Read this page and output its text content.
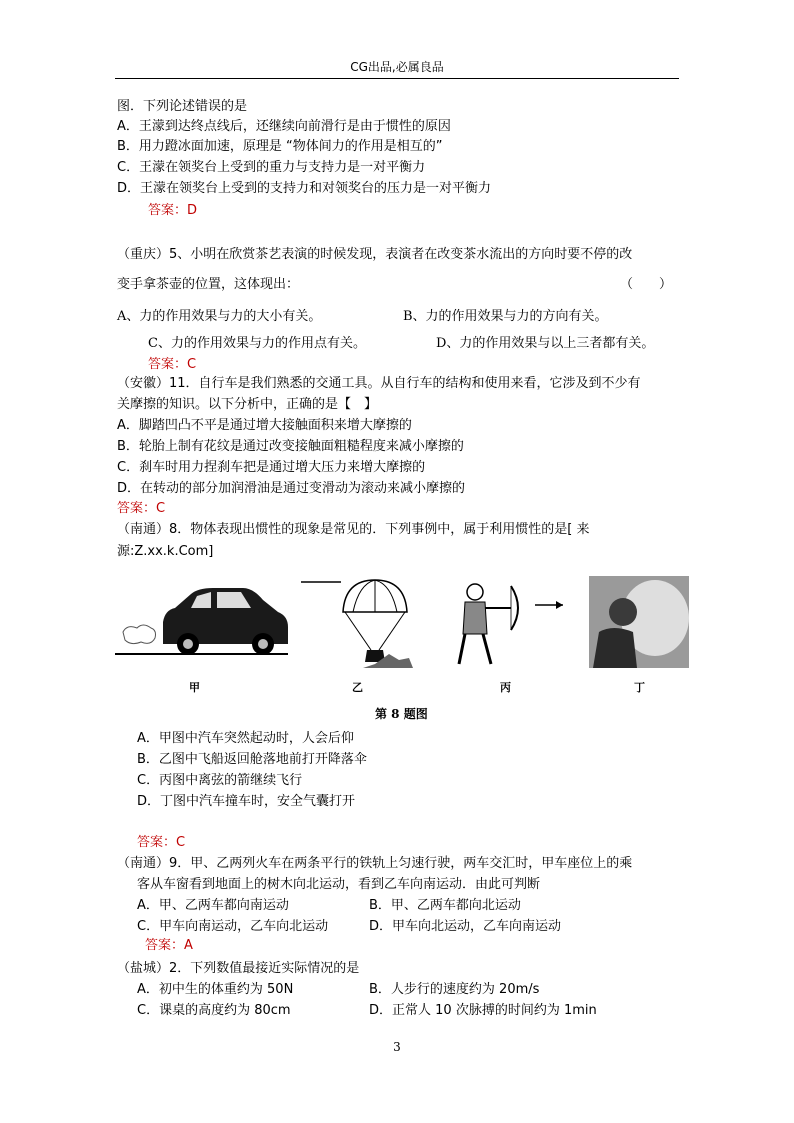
CG出品,必属良品
图．下列论述错误的是
A．王濛到达终点线后，还继续向前滑行是由于惯性的原因
B．用力蹬冰面加速，原理是 “物体间力的作用是相互的”
C．王濛在领奖台上受到的重力与支持力是一对平衡力
D．王濛在领奖台上受到的支持力和对领奖台的压力是一对平衡力
答案：D
（重庆）5、小明在欣赏茶艺表演的时候发现，表演者在改变茶水流出的方向时要不停的改
变手拿茶壶的位置，这体现出：	（　　）
A、力的作用效果与力的大小有关。	B、力的作用效果与力的方向有关。
C、力的作用效果与力的作用点有关。	D、力的作用效果与以上三者都有关。
答案：C
（安徽）11．自行车是我们熟悉的交通工具。从自行车的结构和使用来看，它涉及到不少有
关摩擦的知识。以下分析中，正确的是【　】
A．脚踏凹凸不平是通过增大接触面积来增大摩擦的
B．轮胎上制有花纹是通过改变接触面粗糙程度来减小摩擦的
C．刹车时用力捏刹车把是通过增大压力来增大摩擦的
D．在转动的部分加润滑油是通过变滑动为滚动来减小摩擦的
答案：C
（南通）8．物体表现出惯性的现象是常见的．下列事例中，属于利用惯性的是[ 来
源:Z.xx.k.Com]
甲	乙	丙	丁
第 8 题图
A．甲图中汽车突然起动时，人会后仰
B．乙图中飞船返回舱落地前打开降落伞
C．丙图中离弦的箭继续飞行
D．丁图中汽车撞车时，安全气囊打开
答案：C
（南通）9．甲、乙两列火车在两条平行的铁轨上匀速行驶，两车交汇时，甲车座位上的乘
客从车窗看到地面上的树木向北运动，看到乙车向南运动．由此可判断
A．甲、乙两车都向南运动	B．甲、乙两车都向北运动
C．甲车向南运动，乙车向北运动	D．甲车向北运动，乙车向南运动
答案：A
（盐城）2．下列数值最接近实际情况的是
A．初中生的体重约为 50N	B．人步行的速度约为 20m/s
C．课桌的高度约为 80cm	D．正常人 10 次脉搏的时间约为 1min
3
